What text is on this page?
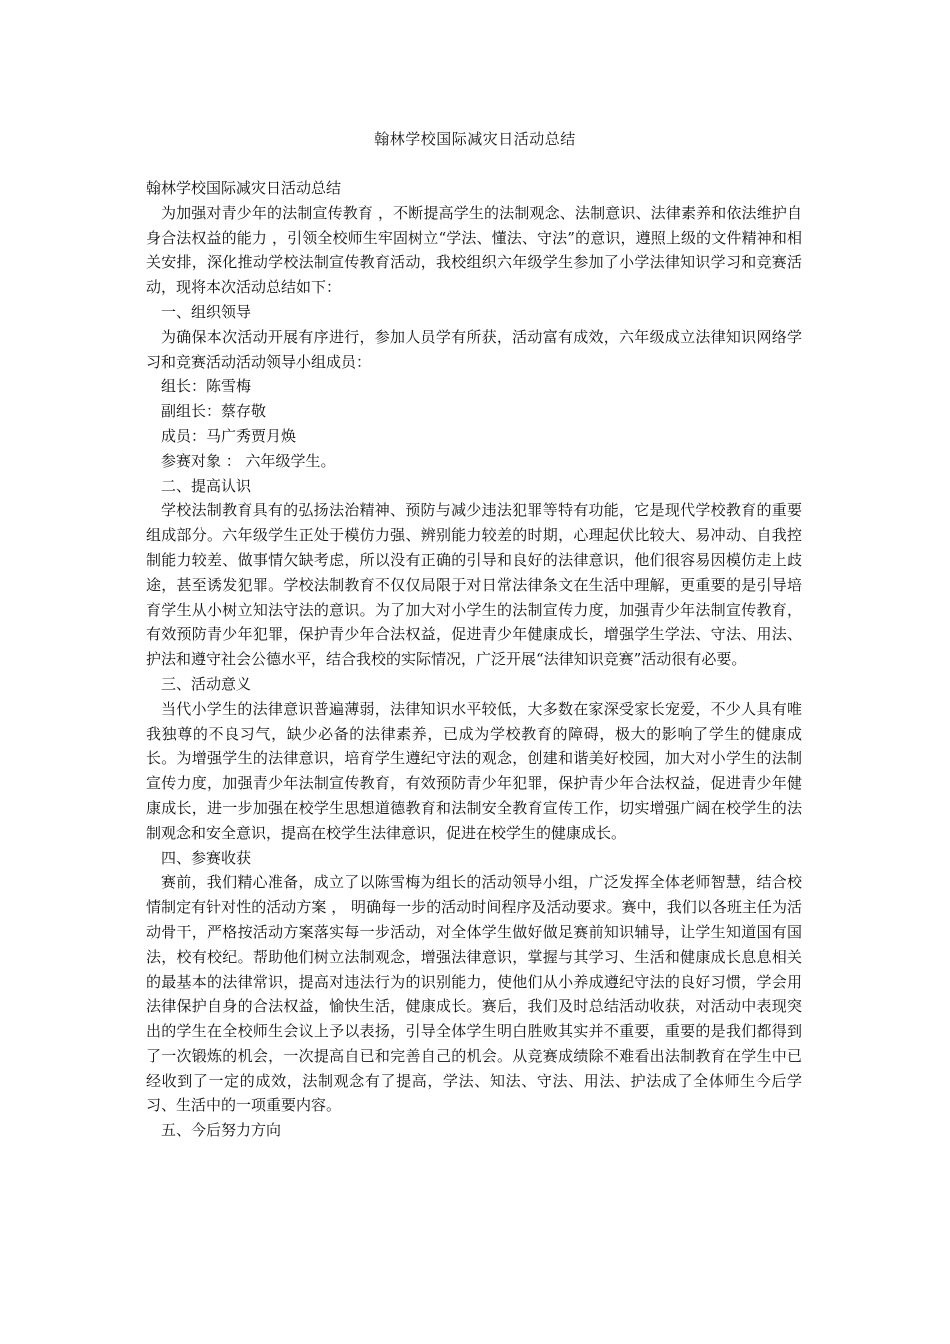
翰林学校国际减灾日活动总结

翰林学校国际减灾日活动总结

为加强对青少年的法制宣传教育 ，不断提高学生的法制观念、法制意识、法律素养和依法维护自身合法权益的能力 ，引领全校师生牢固树立“学法、懂法、守法”的意识，遵照上级的文件精神和相关安排，深化推动学校法制宣传教育活动，我校组织六年级学生参加了小学法律知识学习和竞赛活动，现将本次活动总结如下：

一、组织领导

为确保本次活动开展有序进行，参加人员学有所获，活动富有成效，六年级成立法律知识网络学习和竞赛活动活动领导小组成员：

组长：陈雪梅

副组长：蔡存敬

成员：马广秀贾月焕

参赛对象 ： 六年级学生。

二、提高认识

学校法制教育具有的弘扬法治精神、预防与减少违法犯罪等特有功能，它是现代学校教育的重要组成部分。六年级学生正处于模仿力强、辨别能力较差的时期，心理起伏比较大、易冲动、自我控制能力较差、做事情欠缺考虑，所以没有正确的引导和良好的法律意识，他们很容易因模仿走上歧途，甚至诱发犯罪。学校法制教育不仅仅局限于对日常法律条文在生活中理解，更重要的是引导培育学生从小树立知法守法的意识。为了加大对小学生的法制宣传力度，加强青少年法制宣传教育，有效预防青少年犯罪，保护青少年合法权益，促进青少年健康成长，增强学生学法、守法、用法、护法和遵守社会公德水平，结合我校的实际情况，广泛开展“法律知识竞赛”活动很有必要。

三、活动意义

当代小学生的法律意识普遍薄弱，法律知识水平较低，大多数在家深受家长宠爱，不少人具有唯我独尊的不良习气，缺少必备的法律素养，已成为学校教育的障碍，极大的影响了学生的健康成长。为增强学生的法律意识，培育学生遵纪守法的观念，创建和谐美好校园，加大对小学生的法制宣传力度，加强青少年法制宣传教育，有效预防青少年犯罪，保护青少年合法权益，促进青少年健康成长，进一步加强在校学生思想道德教育和法制安全教育宣传工作，切实增强广阔在校学生的法制观念和安全意识，提高在校学生法律意识，促进在校学生的健康成长。

四、参赛收获

赛前，我们精心准备，成立了以陈雪梅为组长的活动领导小组，广泛发挥全体老师智慧，结合校情制定有针对性的活动方案 ， 明确每一步的活动时间程序及活动要求。赛中，我们以各班主任为活动骨干，严格按活动方案落实每一步活动，对全体学生做好做足赛前知识辅导，让学生知道国有国法，校有校纪。帮助他们树立法制观念，增强法律意识，掌握与其学习、生活和健康成长息息相关的最基本的法律常识，提高对违法行为的识别能力，使他们从小养成遵纪守法的良好习惯，学会用法律保护自身的合法权益，愉快生活，健康成长。赛后，我们及时总结活动收获，对活动中表现突出的学生在全校师生会议上予以表扬，引导全体学生明白胜败其实并不重要，重要的是我们都得到了一次锻炼的机会，一次提高自已和完善自己的机会。从竞赛成绩除不难看出法制教育在学生中已经收到了一定的成效，法制观念有了提高，学法、知法、守法、用法、护法成了全体师生今后学习、生活中的一项重要内容。

五、今后努力方向
